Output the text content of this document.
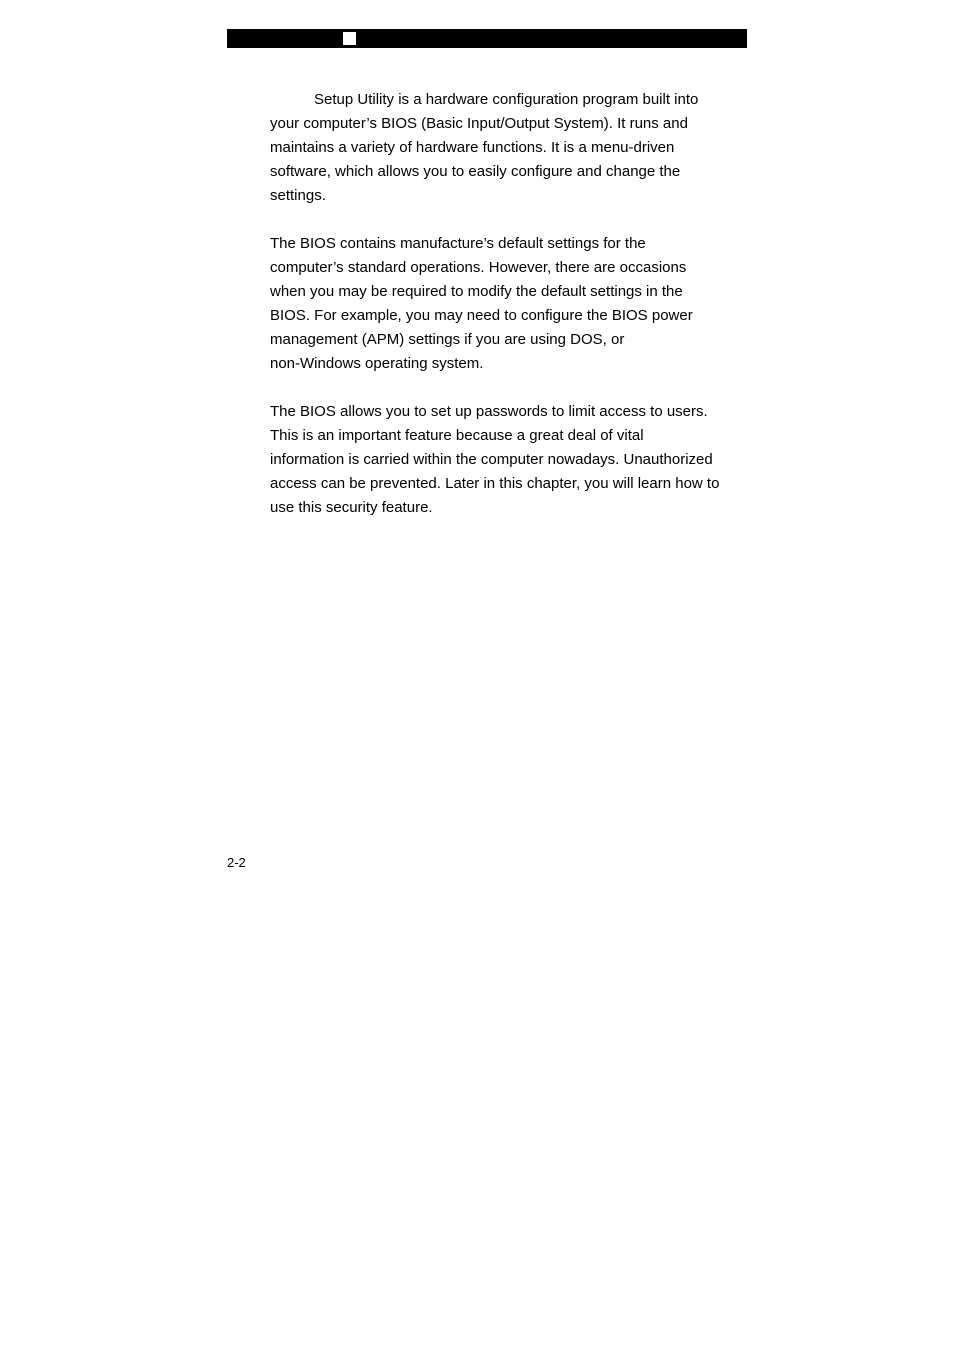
Setup Utility is a hardware configuration program built into
your computer’s BIOS (Basic Input/Output System). It runs and
maintains a variety of hardware functions. It is a menu-driven
software, which allows you to easily configure and change the
settings.

The BIOS contains manufacture’s default settings for the
computer’s standard operations. However, there are occasions
when you may be required to modify the default settings in the
BIOS. For example, you may need to configure the BIOS power
management (APM) settings if you are using DOS, or
non-Windows operating system.

The BIOS allows you to set up passwords to limit access to users.
This is an important feature because a great deal of vital
information is carried within the computer nowadays. Unauthorized
access can be prevented. Later in this chapter, you will learn how to
use this security feature.

2-2
